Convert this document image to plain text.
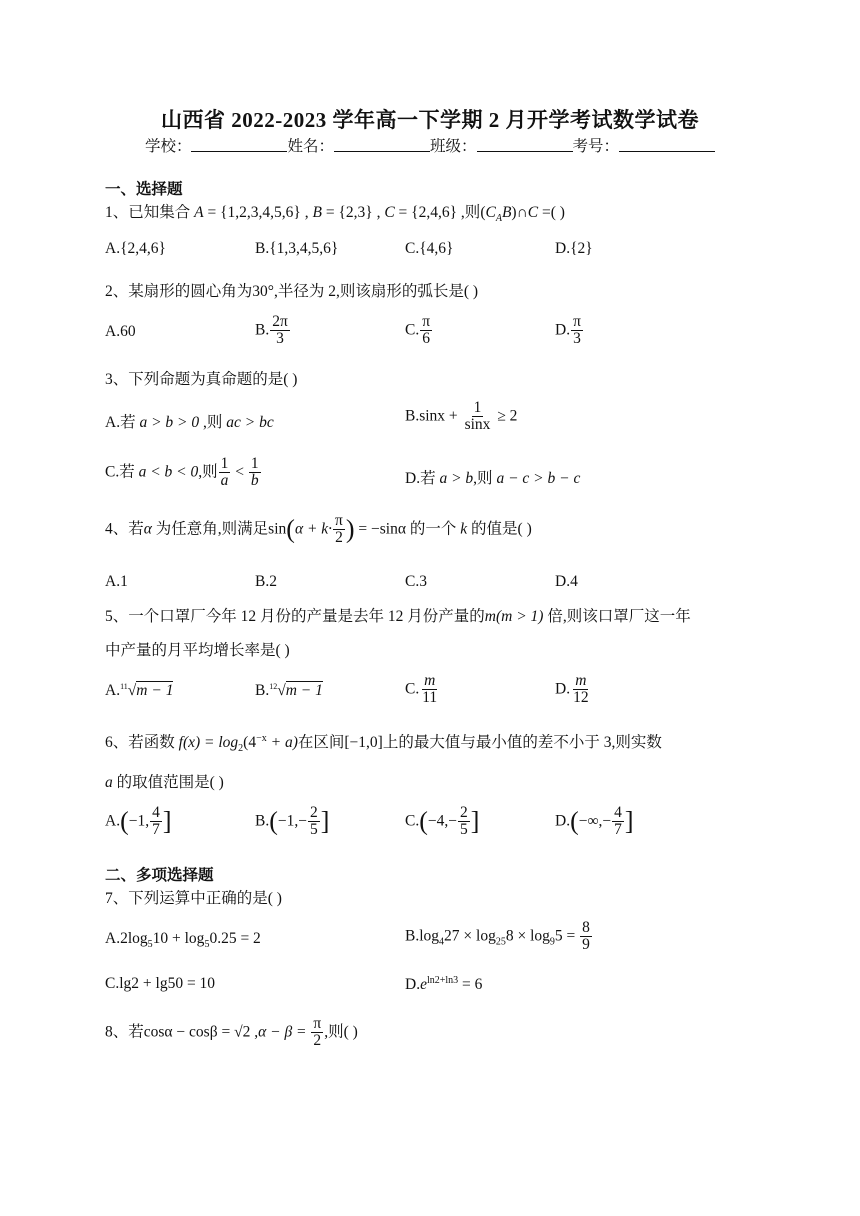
山西省 2022-2023 学年高一下学期 2 月开学考试数学试卷
学校：	姓名：	班级：	考号：
一、选择题
1、已知集合 A = {1,2,3,4,5,6} , B = {2,3} , C = {2,4,6} ,则$(C_AB)\cap C$ =( )
A.{2,4,6}	B.{1,3,4,5,6}	C.{4,6}	D.{2}
2、某扇形的圆心角为30°,半径为 2,则该扇形的弧长是( )
A.60	B. $\frac{2\pi}{3}$	C. $\frac{\pi}{6}$	D. $\frac{\pi}{3}$
3、下列命题为真命题的是( )
A.若 a > b > 0 ,则 ac > bc	$B.\sin x + \frac{1}{\sin x} \ge 2$
C.若 a < b < 0,则 $\frac{1}{a} < \frac{1}{b}$	D.若 a > b,则 a − c > b − c
4、若α 为任意角,则满足$\sin(\alpha + k\cdot \frac{\pi}{2}$ ) = −sinα 的一个 k 的值是( )
A.1	B.2	C.3	D.4
5、一个口罩厂今年 12 月份的产量是去年 12 月份产量的m(m > 1) 倍,则该口罩厂这一年
中产量的月平均增长率是( )
A.$^{11}$√m − 1	B.$^{12}$√m − 1	C. $\frac{m}{11}$	D. $\frac{m}{12}$
6、若函数 $f(x) = \log_2(4^{-x} + a)$在区间[−1,0]上的最大值与最小值的差不小于 3,则实数
a 的取值范围是( )
A.(−1, $\frac{4}{7}$ ]	$B.(-1,- \frac{2}{5}$ ]	$C.(-4,- \frac{2}{5}$ ]	$D.(-\infty,- \frac{4}{7}$ ]
二、多项选择题
7、下列运算中正确的是( )
$A.2\log_510 + \log_50.25 = 2$	$B.\log_427 \times \log_{25}8 \times \log_95 = \frac{8}{9}$
C.lg2 + lg50 = 10	$D.e^{ln2+ln3} = 6$
8、若cosα − cosβ = √2 $,\alpha - \beta = \frac{\pi}{2}$ ,则( )
